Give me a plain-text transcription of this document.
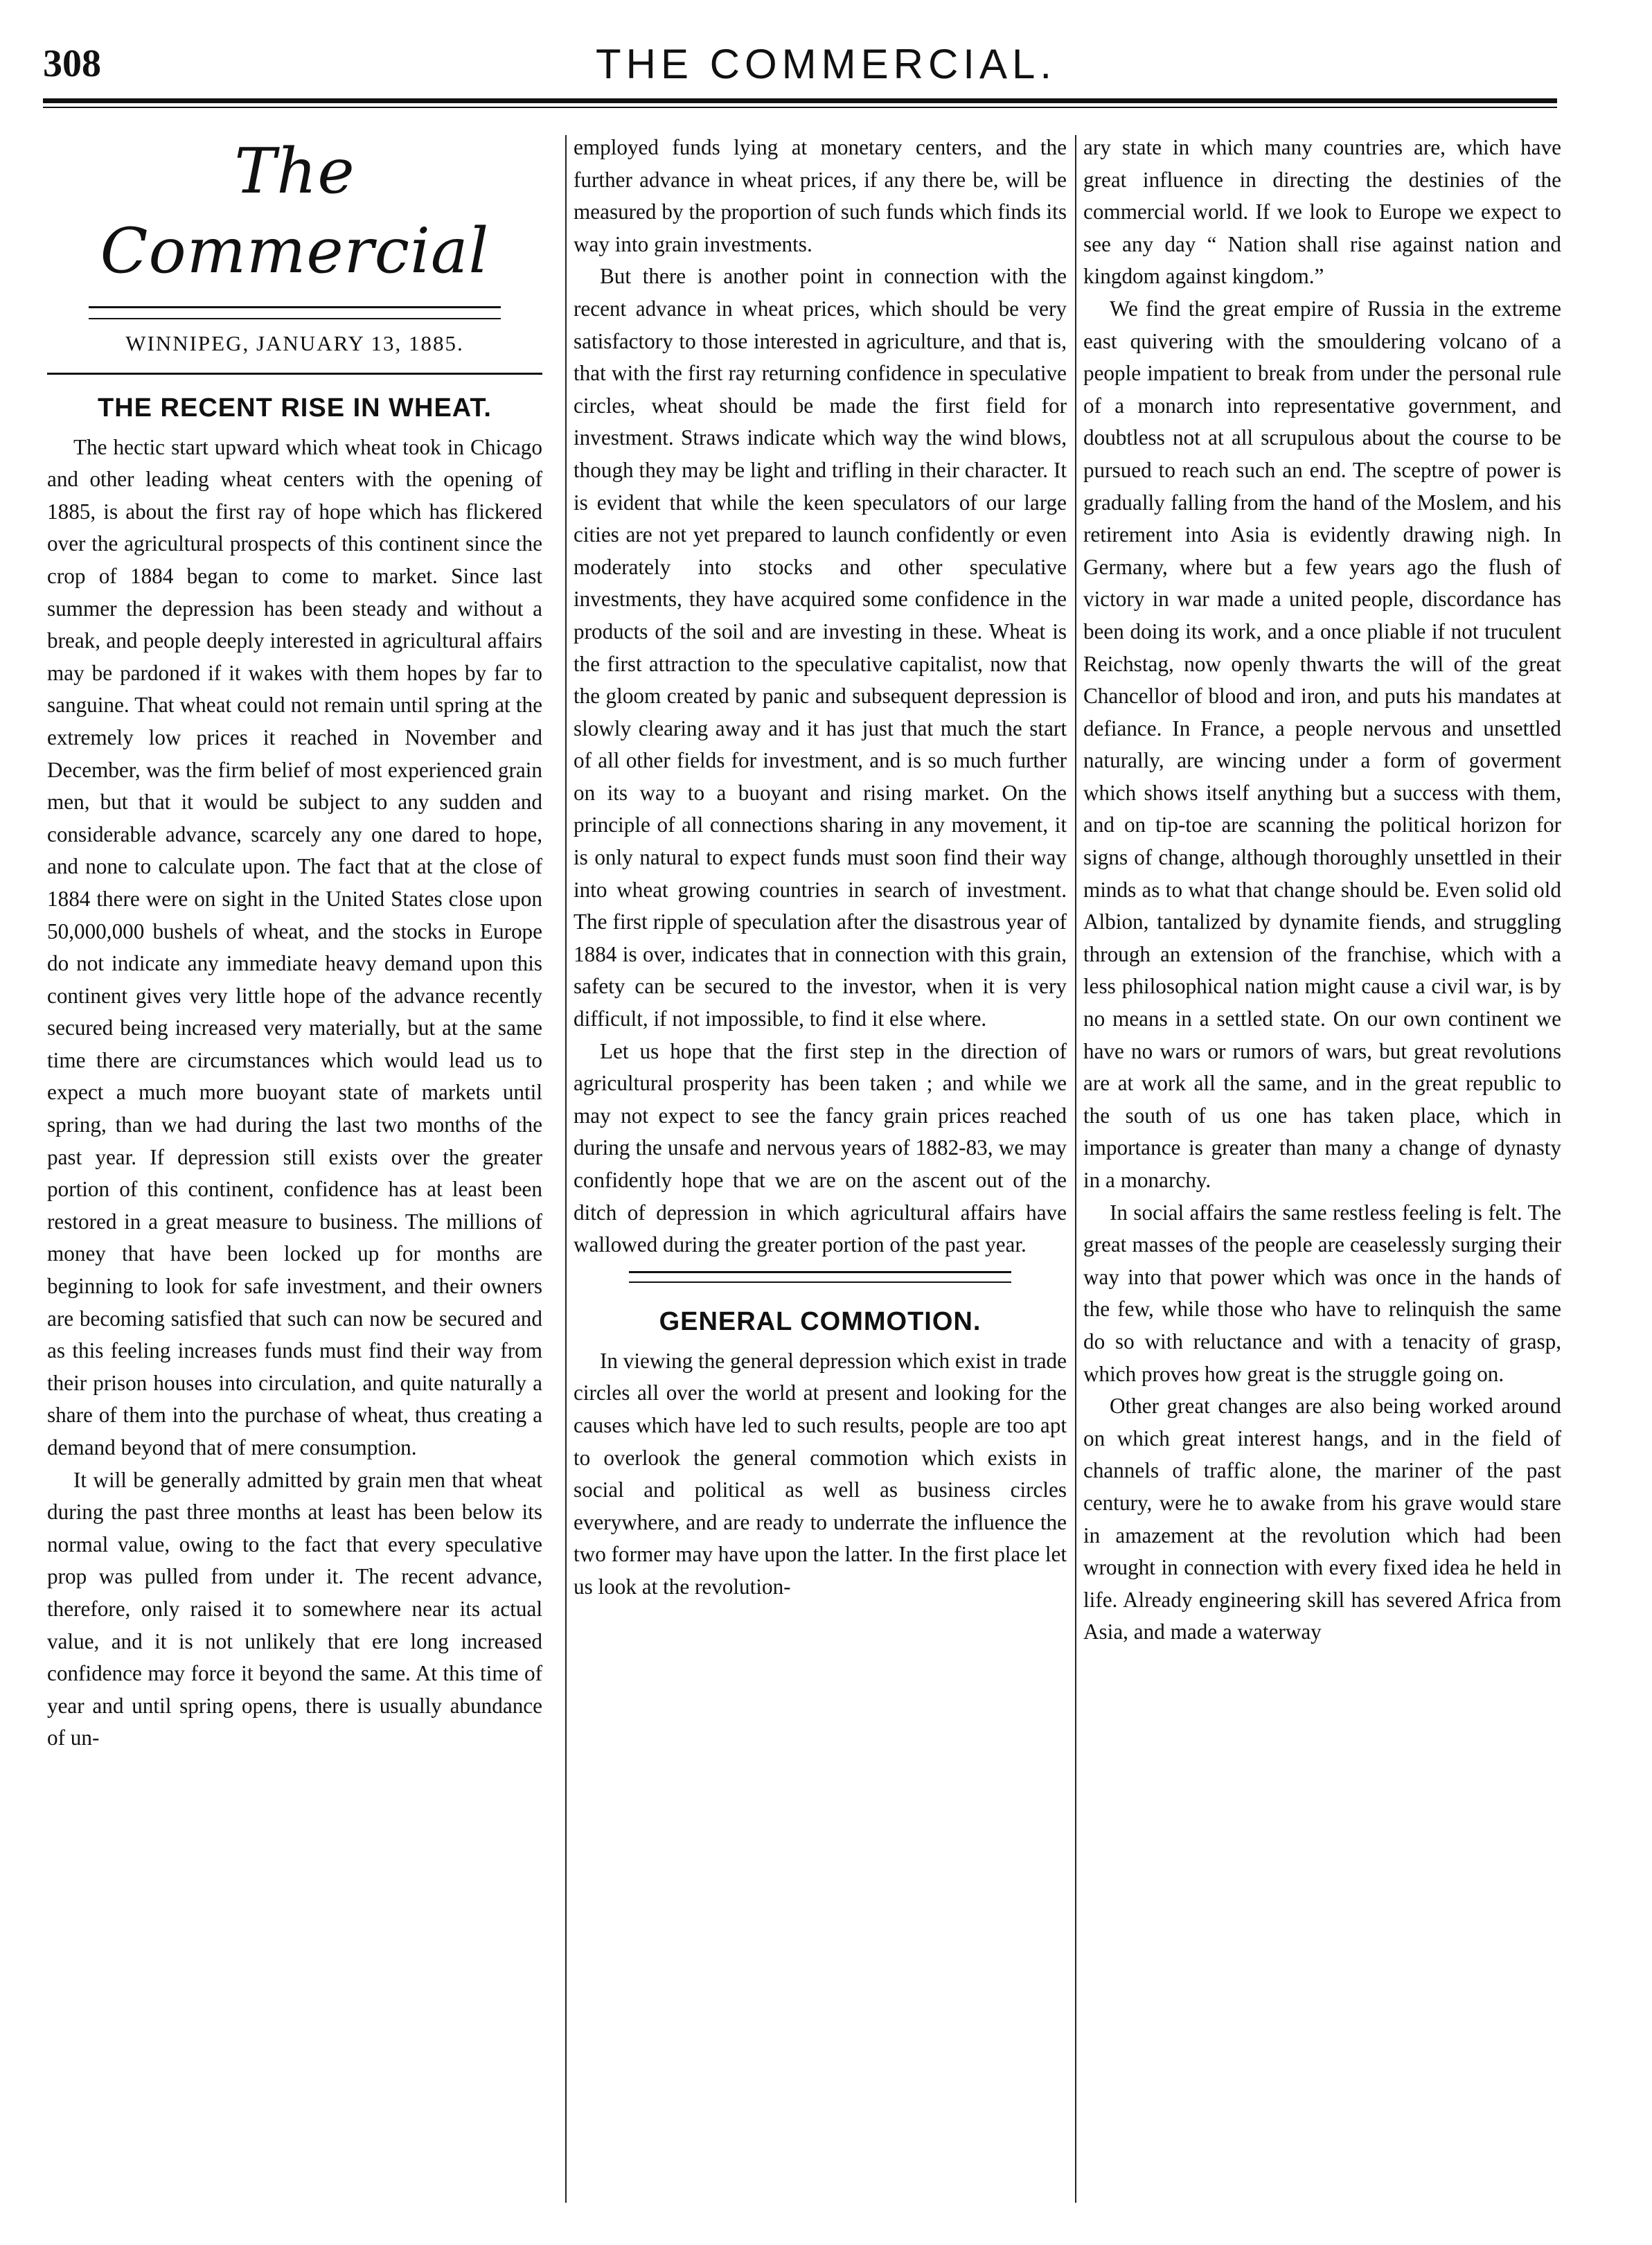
308	THE COMMERCIAL.
The Commercial
WINNIPEG, JANUARY 13, 1885.
THE RECENT RISE IN WHEAT.

The hectic start upward which wheat took in Chicago and other leading wheat centers with the opening of 1885, is about the first ray of hope which has flickered over the agricultural prospects of this continent since the crop of 1884 began to come to market. Since last summer the depression has been steady and without a break, and people deeply interested in agricultural affairs may be pardoned if it wakes with them hopes by far to sanguine. That wheat could not remain until spring at the extremely low prices it reached in November and December, was the firm belief of most experienced grain men, but that it would be subject to any sudden and considerable advance, scarcely any one dared to hope, and none to calculate upon. The fact that at the close of 1884 there were on sight in the United States close upon 50,000,000 bushels of wheat, and the stocks in Europe do not indicate any immediate heavy demand upon this continent gives very little hope of the advance recently secured being increased very materially, but at the same time there are circumstances which would lead us to expect a much more buoyant state of markets until spring, than we had during the last two months of the past year. If depression still exists over the greater portion of this continent, confidence has at least been restored in a great measure to business. The millions of money that have been locked up for months are beginning to look for safe investment, and their owners are becoming satisfied that such can now be secured and as this feeling increases funds must find their way from their prison houses into circulation, and quite naturally a share of them into the purchase of wheat, thus creating a demand beyond that of mere consumption.

It will be generally admitted by grain men that wheat during the past three months at least has been below its normal value, owing to the fact that every speculative prop was pulled from under it. The recent advance, therefore, only raised it to somewhere near its actual value, and it is not unlikely that ere long increased confidence may force it beyond the same. At this time of year and until spring opens, there is usually abundance of un-

employed funds lying at monetary centers, and the further advance in wheat prices, if any there be, will be measured by the proportion of such funds which finds its way into grain investments.

But there is another point in connection with the recent advance in wheat prices, which should be very satisfactory to those interested in agriculture, and that is, that with the first ray returning confidence in speculative circles, wheat should be made the first field for investment. Straws indicate which way the wind blows, though they may be light and trifling in their character. It is evident that while the keen speculators of our large cities are not yet prepared to launch confidently or even moderately into stocks and other speculative investments, they have acquired some confidence in the products of the soil and are investing in these. Wheat is the first attraction to the speculative capitalist, now that the gloom created by panic and subsequent depression is slowly clearing away and it has just that much the start of all other fields for investment, and is so much further on its way to a buoyant and rising market. On the principle of all connections sharing in any movement, it is only natural to expect funds must soon find their way into wheat growing countries in search of investment. The first ripple of speculation after the disastrous year of 1884 is over, indicates that in connection with this grain, safety can be secured to the investor, when it is very difficult, if not impossible, to find it else where.

Let us hope that the first step in the direction of agricultural prosperity has been taken ; and while we may not expect to see the fancy grain prices reached during the unsafe and nervous years of 1882-83, we may confidently hope that we are on the ascent out of the ditch of depression in which agricultural affairs have wallowed during the greater portion of the past year.

GENERAL COMMOTION.

In viewing the general depression which exist in trade circles all over the world at present and looking for the causes which have led to such results, people are too apt to overlook the general commotion which exists in social and political as well as business circles everywhere, and are ready to underrate the influence the two former may have upon the latter. In the first place let us look at the revolution-

ary state in which many countries are, which have great influence in directing the destinies of the commercial world. If we look to Europe we expect to see any day “ Nation shall rise against nation and kingdom against kingdom.”

We find the great empire of Russia in the extreme east quivering with the smouldering volcano of a people impatient to break from under the personal rule of a monarch into representative government, and doubtless not at all scrupulous about the course to be pursued to reach such an end. The sceptre of power is gradually falling from the hand of the Moslem, and his retirement into Asia is evidently drawing nigh. In Germany, where but a few years ago the flush of victory in war made a united people, discordance has been doing its work, and a once pliable if not truculent Reichstag, now openly thwarts the will of the great Chancellor of blood and iron, and puts his mandates at defiance. In France, a people nervous and unsettled naturally, are wincing under a form of goverment which shows itself anything but a success with them, and on tip-toe are scanning the political horizon for signs of change, although thoroughly unsettled in their minds as to what that change should be. Even solid old Albion, tantalized by dynamite fiends, and struggling through an extension of the franchise, which with a less philosophical nation might cause a civil war, is by no means in a settled state. On our own continent we have no wars or rumors of wars, but great revolutions are at work all the same, and in the great republic to the south of us one has taken place, which in importance is greater than many a change of dynasty in a monarchy.

In social affairs the same restless feeling is felt. The great masses of the people are ceaselessly surging their way into that power which was once in the hands of the few, while those who have to relinquish the same do so with reluctance and with a tenacity of grasp, which proves how great is the struggle going on.

Other great changes are also being worked around on which great interest hangs, and in the field of channels of traffic alone, the mariner of the past century, were he to awake from his grave would stare in amazement at the revolution which had been wrought in connection with every fixed idea he held in life. Already engineering skill has severed Africa from Asia, and made a waterway
